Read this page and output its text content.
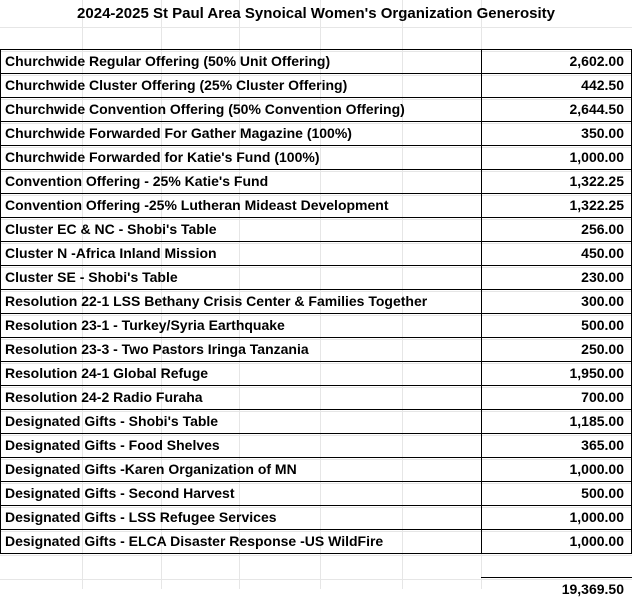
2024-2025 St Paul Area Synoical Women's Organization Generosity
Churchwide Regular Offering (50% Unit Offering)	2,602.00
Churchwide Cluster Offering (25% Cluster Offering)	442.50
Churchwide Convention Offering (50% Convention Offering)	2,644.50
Churchwide Forwarded For Gather Magazine (100%)	350.00
Churchwide Forwarded for Katie's Fund (100%)	1,000.00
Convention Offering - 25% Katie's Fund	1,322.25
Convention Offering -25% Lutheran Mideast Development	1,322.25
Cluster EC & NC - Shobi's Table	256.00
Cluster N -Africa Inland Mission	450.00
Cluster SE - Shobi's Table	230.00
Resolution 22-1 LSS Bethany Crisis Center & Families Together	300.00
Resolution 23-1 - Turkey/Syria Earthquake	500.00
Resolution 23-3 - Two Pastors Iringa Tanzania	250.00
Resolution 24-1 Global Refuge	1,950.00
Resolution 24-2 Radio Furaha	700.00
Designated Gifts - Shobi's Table	1,185.00
Designated Gifts - Food Shelves	365.00
Designated Gifts -Karen Organization of MN	1,000.00
Designated Gifts - Second Harvest	500.00
Designated Gifts - LSS Refugee Services	1,000.00
Designated Gifts - ELCA Disaster Response -US WildFire	1,000.00
19,369.50
